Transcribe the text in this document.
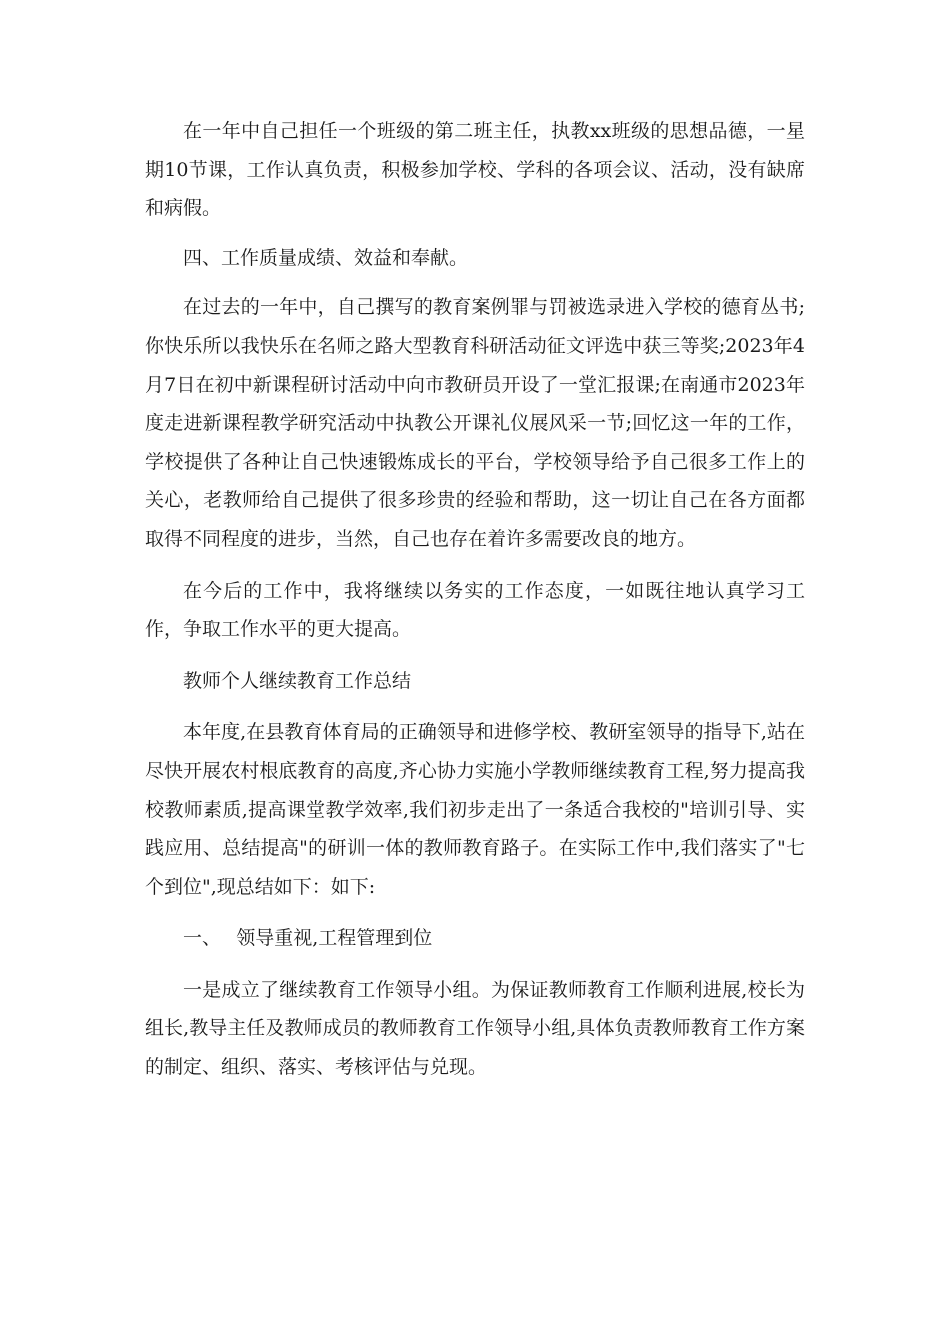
在一年中自己担任一个班级的第二班主任，执教xx班级的思想品德，一星期10节课，工作认真负责，积极参加学校、学科的各项会议、活动，没有缺席和病假。

四、工作质量成绩、效益和奉献。

在过去的一年中，自己撰写的教育案例罪与罚被选录进入学校的德育丛书;你快乐所以我快乐在名师之路大型教育科研活动征文评选中获三等奖;2023年4月7日在初中新课程研讨活动中向市教研员开设了一堂汇报课;在南通市2023年度走进新课程教学研究活动中执教公开课礼仪展风采一节;回忆这一年的工作，学校提供了各种让自己快速锻炼成长的平台，学校领导给予自己很多工作上的关心，老教师给自己提供了很多珍贵的经验和帮助，这一切让自己在各方面都取得不同程度的进步，当然，自己也存在着许多需要改良的地方。

在今后的工作中，我将继续以务实的工作态度，一如既往地认真学习工作，争取工作水平的更大提高。

教师个人继续教育工作总结

本年度,在县教育体育局的正确领导和进修学校、教研室领导的指导下,站在尽快开展农村根底教育的高度,齐心协力实施小学教师继续教育工程,努力提高我校教师素质,提高课堂教学效率,我们初步走出了一条适合我校的"培训引导、实践应用、总结提高"的研训一体的教师教育路子。在实际工作中,我们落实了"七个到位",现总结如下：如下:

一、 领导重视,工程管理到位

一是成立了继续教育工作领导小组。为保证教师教育工作顺利进展,校长为组长,教导主任及教师成员的教师教育工作领导小组,具体负责教师教育工作方案的制定、组织、落实、考核评估与兑现。
